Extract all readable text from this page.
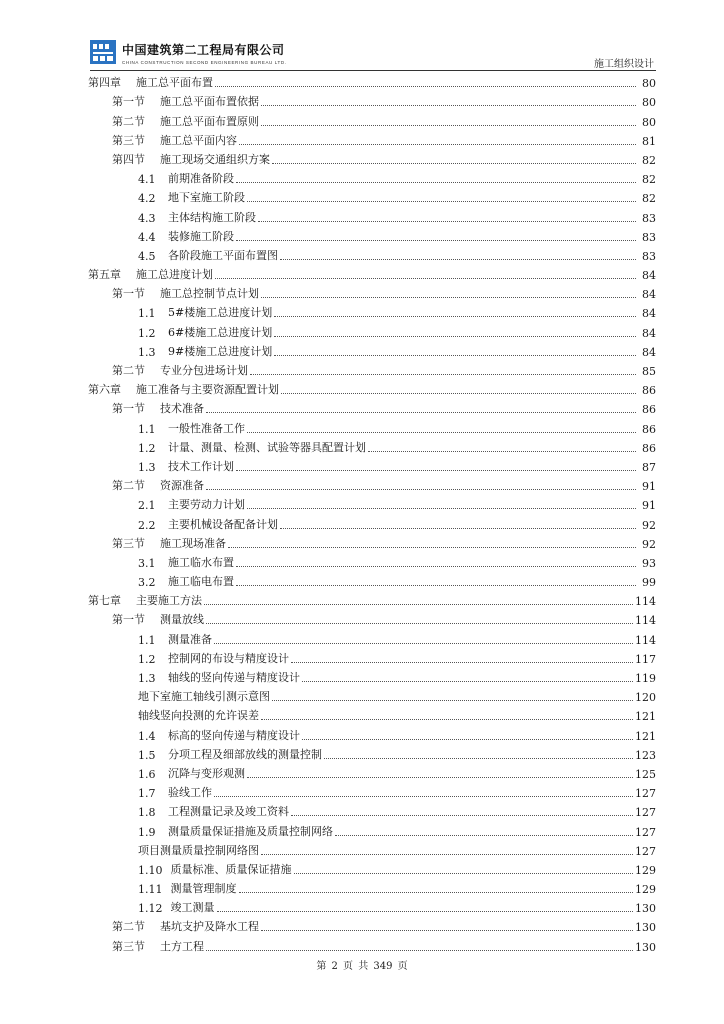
中国建筑第二工程局有限公司
CHINA CONSTRUCTION SECOND ENGINEERING BUREAU LTD.	施工组织设计
第四章	施工总平面布置	80
第一节	施工总平面布置依据	80
第二节	施工总平面布置原则	80
第三节	施工总平面内容	81
第四节	施工现场交通组织方案	82
4.1	前期准备阶段	82
4.2	地下室施工阶段	82
4.3	主体结构施工阶段	83
4.4	装修施工阶段	83
4.5	各阶段施工平面布置图	83
第五章	施工总进度计划	84
第一节	施工总控制节点计划	84
1.1	5#楼施工总进度计划	84
1.2	6#楼施工总进度计划	84
1.3	9#楼施工总进度计划	84
第二节	专业分包进场计划	85
第六章	施工准备与主要资源配置计划	86
第一节	技术准备	86
1.1	一般性准备工作	86
1.2	计量、测量、检测、试验等器具配置计划	86
1.3	技术工作计划	87
第二节	资源准备	91
2.1	主要劳动力计划	91
2.2	主要机械设备配备计划	92
第三节	施工现场准备	92
3.1	施工临水布置	93
3.2	施工临电布置	99
第七章	主要施工方法	114
第一节	测量放线	114
1.1	测量准备	114
1.2	控制网的布设与精度设计	117
1.3	轴线的竖向传递与精度设计	119
地下室施工轴线引测示意图	120
轴线竖向投测的允许误差	121
1.4	标高的竖向传递与精度设计	121
1.5	分项工程及细部放线的测量控制	123
1.6	沉降与变形观测	125
1.7	验线工作	127
1.8	工程测量记录及竣工资料	127
1.9	测量质量保证措施及质量控制网络	127
项目测量质量控制网络图	127
1.10 质量标准、质量保证措施	129
1.11 测量管理制度	129
1.12 竣工测量	130
第二节	基坑支护及降水工程	130
第三节	土方工程	130
第 2 页 共 349 页
